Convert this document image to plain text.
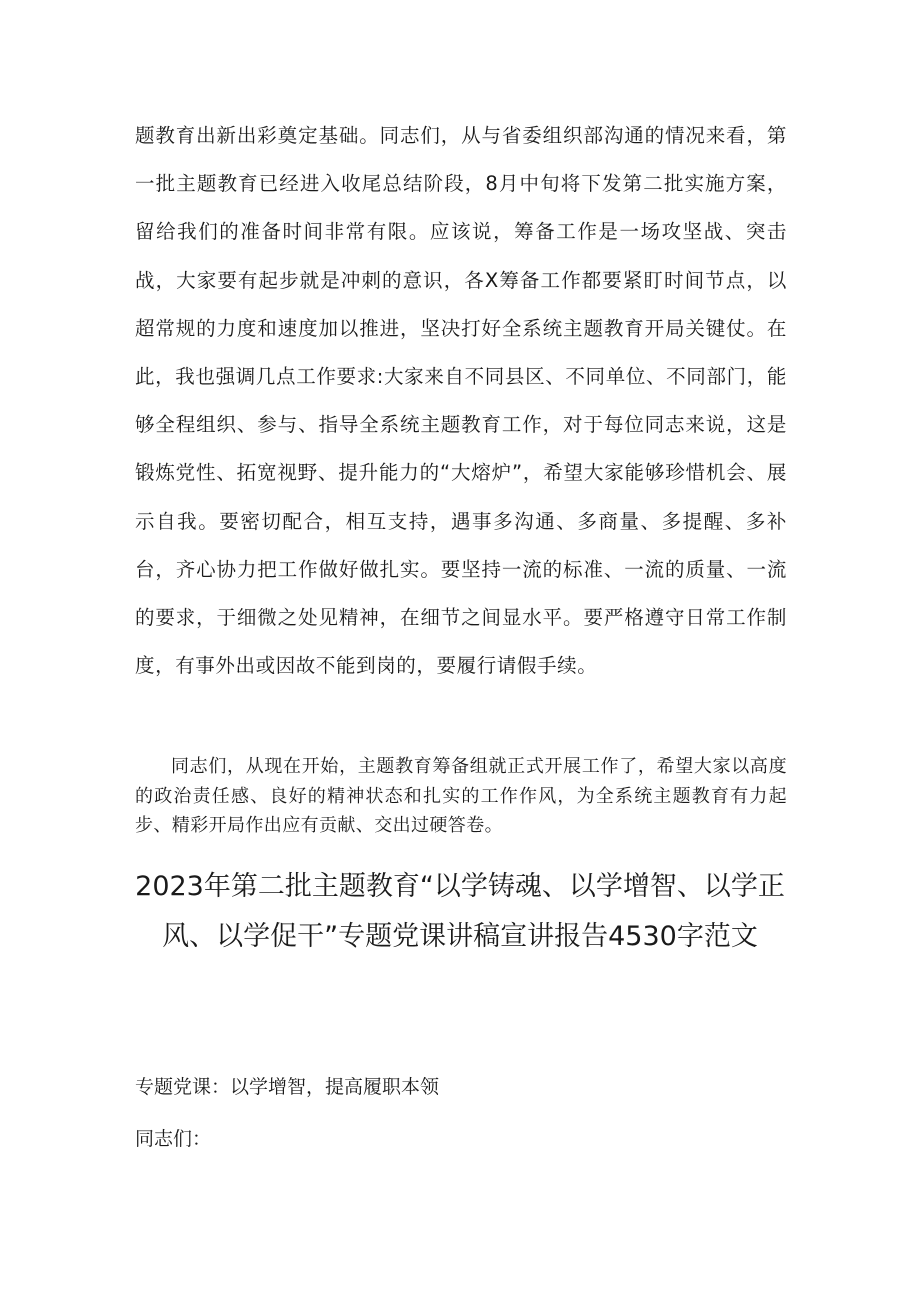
题教育出新出彩奠定基础。同志们，从与省委组织部沟通的情况来看，第一批主题教育已经进入收尾总结阶段，8月中旬将下发第二批实施方案，留给我们的准备时间非常有限。应该说，筹备工作是一场攻坚战、突击战，大家要有起步就是冲刺的意识，各X筹备工作都要紧盯时间节点，以超常规的力度和速度加以推进，坚决打好全系统主题教育开局关键仗。在此，我也强调几点工作要求:大家来自不同县区、不同单位、不同部门，能够全程组织、参与、指导全系统主题教育工作，对于每位同志来说，这是锻炼党性、拓宽视野、提升能力的“大熔炉”，希望大家能够珍惜机会、展示自我。要密切配合，相互支持，遇事多沟通、多商量、多提醒、多补台，齐心协力把工作做好做扎实。要坚持一流的标准、一流的质量、一流的要求，于细微之处见精神，在细节之间显水平。要严格遵守日常工作制度，有事外出或因故不能到岗的，要履行请假手续。

同志们，从现在开始，主题教育筹备组就正式开展工作了，希望大家以高度的政治责任感、良好的精神状态和扎实的工作作风，为全系统主题教育有力起步、精彩开局作出应有贡献、交出过硬答卷。

2023年第二批主题教育“以学铸魂、以学增智、以学正风、以学促干”专题党课讲稿宣讲报告4530字范文

专题党课：以学增智，提高履职本领

同志们：
